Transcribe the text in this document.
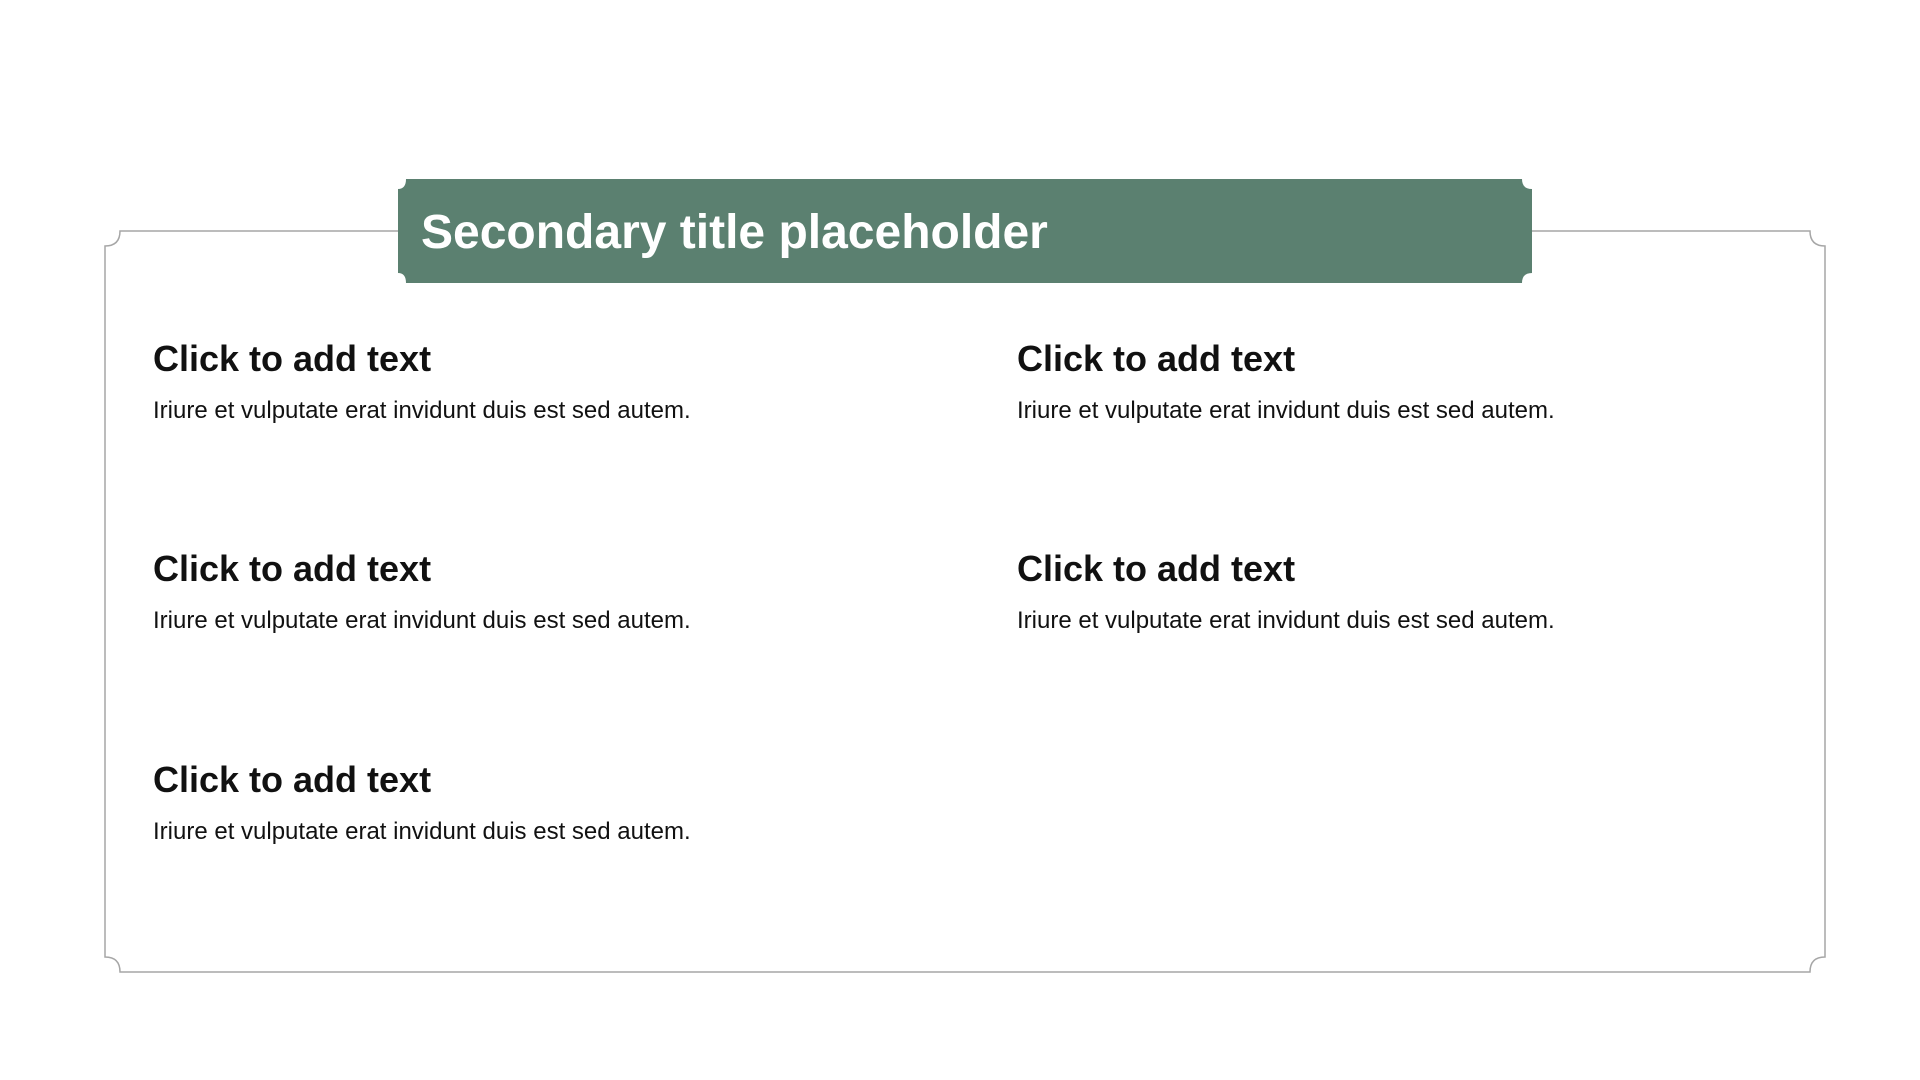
Secondary title placeholder

Click to add text

Iriure et vulputate erat invidunt duis est sed autem.

Click to add text

Iriure et vulputate erat invidunt duis est sed autem.

Click to add text

Iriure et vulputate erat invidunt duis est sed autem.

Click to add text

Iriure et vulputate erat invidunt duis est sed autem.

Click to add text

Iriure et vulputate erat invidunt duis est sed autem.
